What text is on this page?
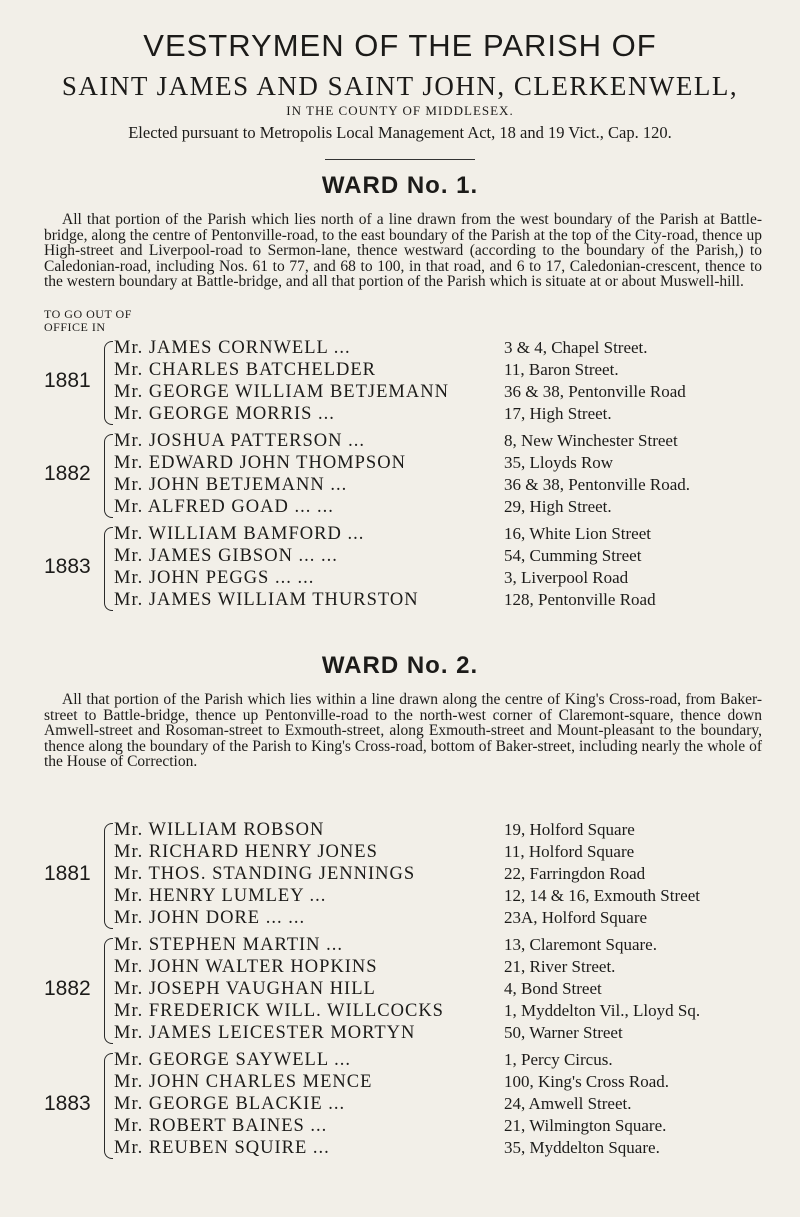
VESTRYMEN OF THE PARISH OF
SAINT JAMES AND SAINT JOHN, CLERKENWELL,
IN THE COUNTY OF MIDDLESEX.
Elected pursuant to Metropolis Local Management Act, 18 and 19 Vict., Cap. 120.
WARD No. 1.
All that portion of the Parish which lies north of a line drawn from the west boundary of the Parish at Battle-bridge, along the centre of Pentonville-road, to the east boundary of the Parish at the top of the City-road, thence up High-street and Liverpool-road to Sermon-lane, thence westward (according to the boundary of the Parish,) to Caledonian-road, including Nos. 61 to 77, and 68 to 100, in that road, and 6 to 17, Caledonian-crescent, thence to the western boundary at Battle-bridge, and all that portion of the Parish which is situate at or about Muswell-hill.
TO GO OUT OF
OFFICE IN
1881
Mr. JAMES CORNWELL ...	3 & 4, Chapel Street.
Mr. CHARLES BATCHELDER	11, Baron Street.
Mr. GEORGE WILLIAM BETJEMANN	36 & 38, Pentonville Road
Mr. GEORGE MORRIS ...	17, High Street.
1882
Mr. JOSHUA PATTERSON ...	8, New Winchester Street
Mr. EDWARD JOHN THOMPSON	35, Lloyds Row
Mr. JOHN BETJEMANN ...	36 & 38, Pentonville Road.
Mr. ALFRED GOAD ... ...	29, High Street.
1883
Mr. WILLIAM BAMFORD ...	16, White Lion Street
Mr. JAMES GIBSON ... ...	54, Cumming Street
Mr. JOHN PEGGS ... ...	3, Liverpool Road
Mr. JAMES WILLIAM THURSTON	128, Pentonville Road
WARD No. 2.
All that portion of the Parish which lies within a line drawn along the centre of King's Cross-road, from Baker-street to Battle-bridge, thence up Pentonville-road to the north-west corner of Claremont-square, thence down Amwell-street and Rosoman-street to Exmouth-street, along Exmouth-street and Mount-pleasant to the boundary, thence along the boundary of the Parish to King's Cross-road, bottom of Baker-street, including nearly the whole of the House of Correction.
1881
Mr. WILLIAM ROBSON	19, Holford Square
Mr. RICHARD HENRY JONES	11, Holford Square
Mr. THOS. STANDING JENNINGS	22, Farringdon Road
Mr. HENRY LUMLEY ...	12, 14 & 16, Exmouth Street
Mr. JOHN DORE ... ...	23A, Holford Square
1882
Mr. STEPHEN MARTIN ...	13, Claremont Square.
Mr. JOHN WALTER HOPKINS	21, River Street.
Mr. JOSEPH VAUGHAN HILL	4, Bond Street
Mr. FREDERICK WILL. WILLCOCKS	1, Myddelton Vil., Lloyd Sq.
Mr. JAMES LEICESTER MORTYN	50, Warner Street
1883
Mr. GEORGE SAYWELL ...	1, Percy Circus.
Mr. JOHN CHARLES MENCE	100, King's Cross Road.
Mr. GEORGE BLACKIE ...	24, Amwell Street.
Mr. ROBERT BAINES ...	21, Wilmington Square.
Mr. REUBEN SQUIRE ...	35, Myddelton Square.
